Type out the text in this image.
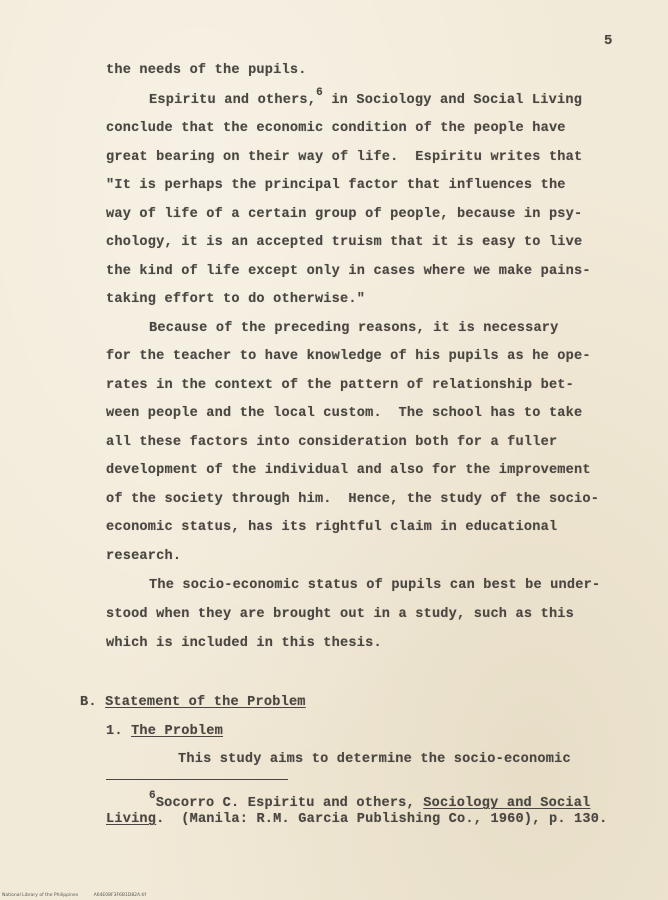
5
the needs of the pupils.
Espiritu and others,$^6$ in Sociology and Social Living
conclude that the economic condition of the people have
great bearing on their way of life.  Espiritu writes that
"It is perhaps the principal factor that influences the
way of life of a certain group of people, because in psy-
chology, it is an accepted truism that it is easy to live
the kind of life except only in cases where we make pains-
taking effort to do otherwise."
Because of the preceding reasons, it is necessary
for the teacher to have knowledge of his pupils as he ope-
rates in the context of the pattern of relationship bet-
ween people and the local custom.  The school has to take
all these factors into consideration both for a fuller
development of the individual and also for the improvement
of the society through him.  Hence, the study of the socio-
economic status, has its rightful claim in educational
research.
The socio-economic status of pupils can best be under-
stood when they are brought out in a study, such as this
which is included in this thesis.
B. Statement of the Problem
1. The Problem
This study aims to determine the socio-economic
$^6$Socorro C. Espiritu and others, Sociology and Social
Living.  (Manila: R.M. Garcia Publishing Co., 1960), p. 130.
National Library of the Philippines	A64E08F3F6B1D82A.tif
